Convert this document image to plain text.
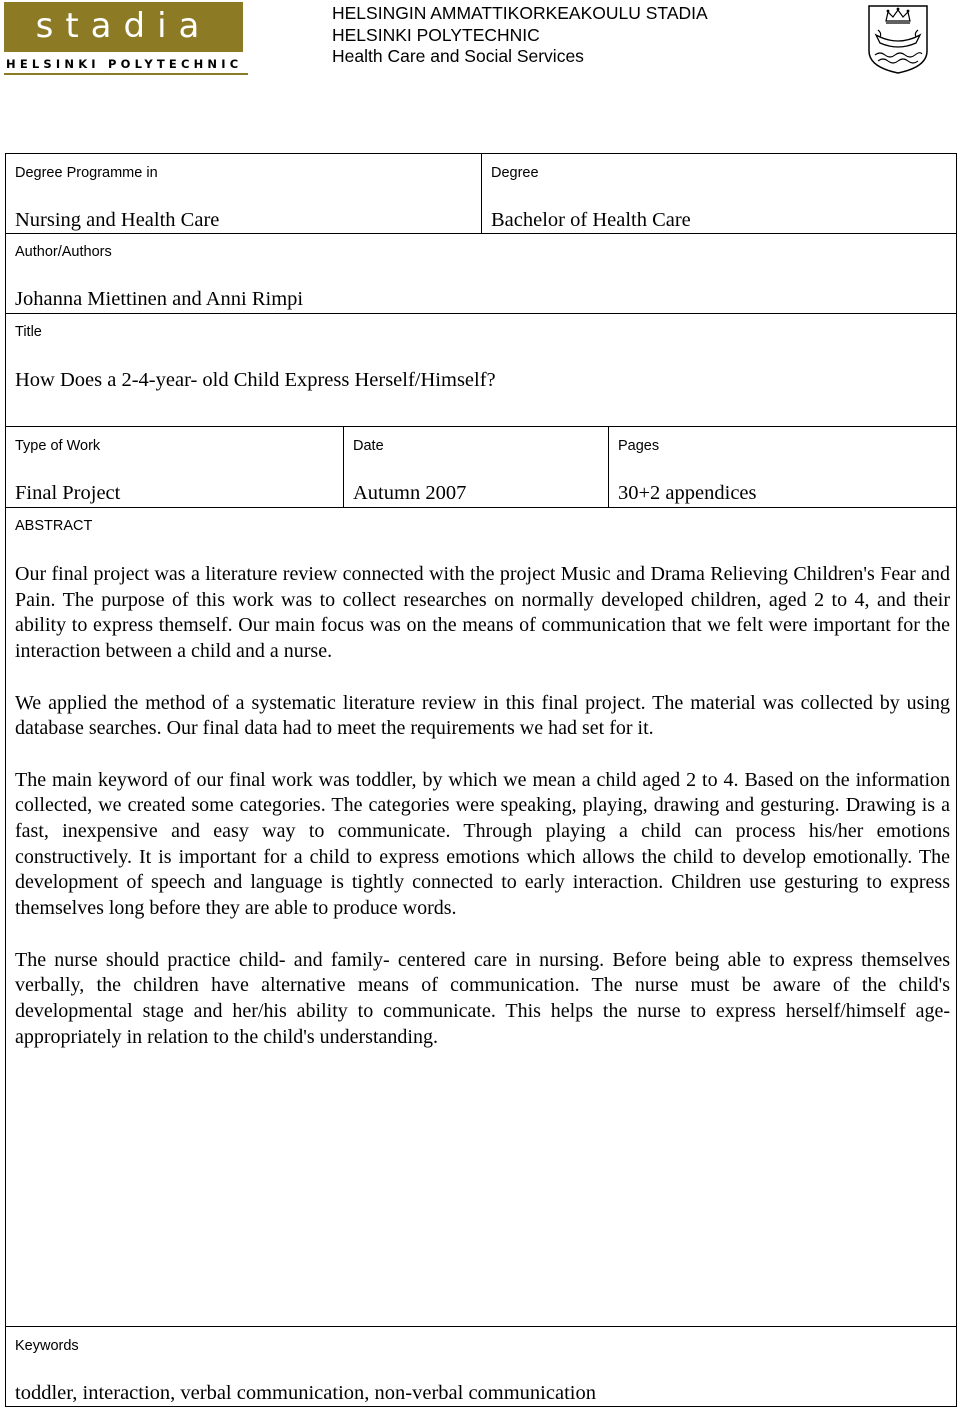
stadia
HELSINKI POLYTECHNIC
HELSINGIN AMMATTIKORKEAKOULU STADIA
HELSINKI POLYTECHNIC
Health Care and Social Services
Degree Programme in
Nursing and Health Care
Degree
Bachelor of Health Care
Author/Authors
Johanna Miettinen and Anni Rimpi
Title
How Does a 2-4-year- old Child Express Herself/Himself?
Type of Work
Final Project
Date
Autumn 2007
Pages
30+2 appendices
ABSTRACT

Our final project was a literature review connected with the project Music and Drama Relieving Children's Fear and Pain. The purpose of this work was to collect researches on normally developed children, aged 2 to 4, and their ability to express themself. Our main focus was on the means of communication that we felt were important for the interaction between a child and a nurse.

We applied the method of a systematic literature review in this final project. The material was collected by using database searches. Our final data had to meet the requirements we had set for it.

The main keyword of our final work was toddler, by which we mean a child aged 2 to 4. Based on the information collected, we created some categories. The categories were speaking, playing, drawing and gesturing. Drawing is a fast, inexpensive and easy way to communicate. Through playing a child can process his/her emotions constructively. It is important for a child to express emotions which allows the child to develop emotionally. The development of speech and language is tightly connected to early interaction. Children use gesturing to express themselves long before they are able to produce words.

The nurse should practice child- and family- centered care in nursing. Before being able to express themselves verbally, the children have alternative means of communication. The nurse must be aware of the child's developmental stage and her/his ability to communicate. This helps the nurse to express herself/himself age-appropriately in relation to the child's understanding.

Keywords
toddler, interaction, verbal communication, non-verbal communication
